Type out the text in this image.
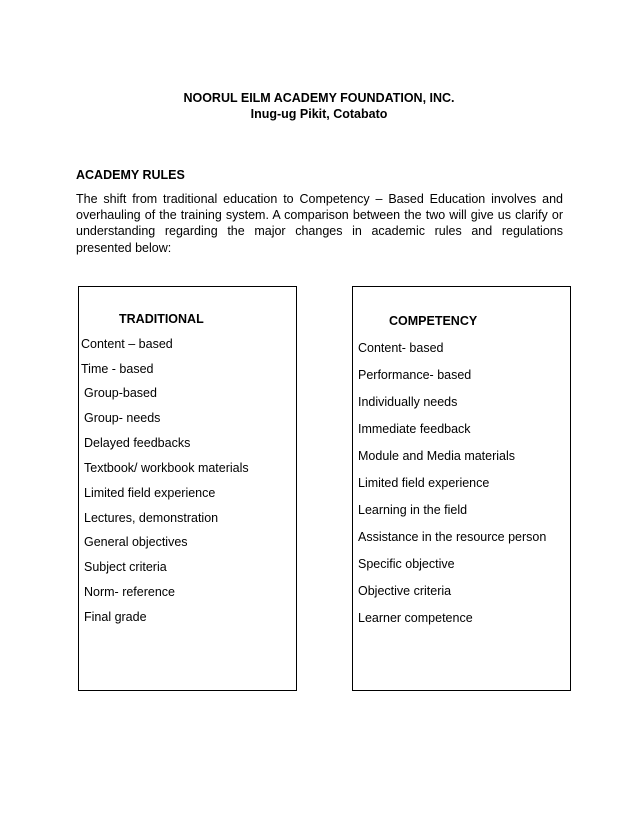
NOORUL EILM ACADEMY FOUNDATION, INC.
Inug-ug Pikit, Cotabato
ACADEMY RULES
The shift from traditional education to Competency – Based Education involves and overhauling of the training system. A comparison between the two will give us clarify or understanding regarding the major changes in academic rules and regulations presented below:
TRADITIONAL
Content – based
Time - based
Group-based
Group- needs
Delayed feedbacks
Textbook/ workbook materials
Limited field experience
Lectures, demonstration
General objectives
Subject criteria
Norm- reference
Final grade
COMPETENCY
Content- based
Performance- based
Individually needs
Immediate feedback
Module and Media materials
Limited field experience
Learning in the field
Assistance in the resource person
Specific objective
Objective criteria
Learner competence
